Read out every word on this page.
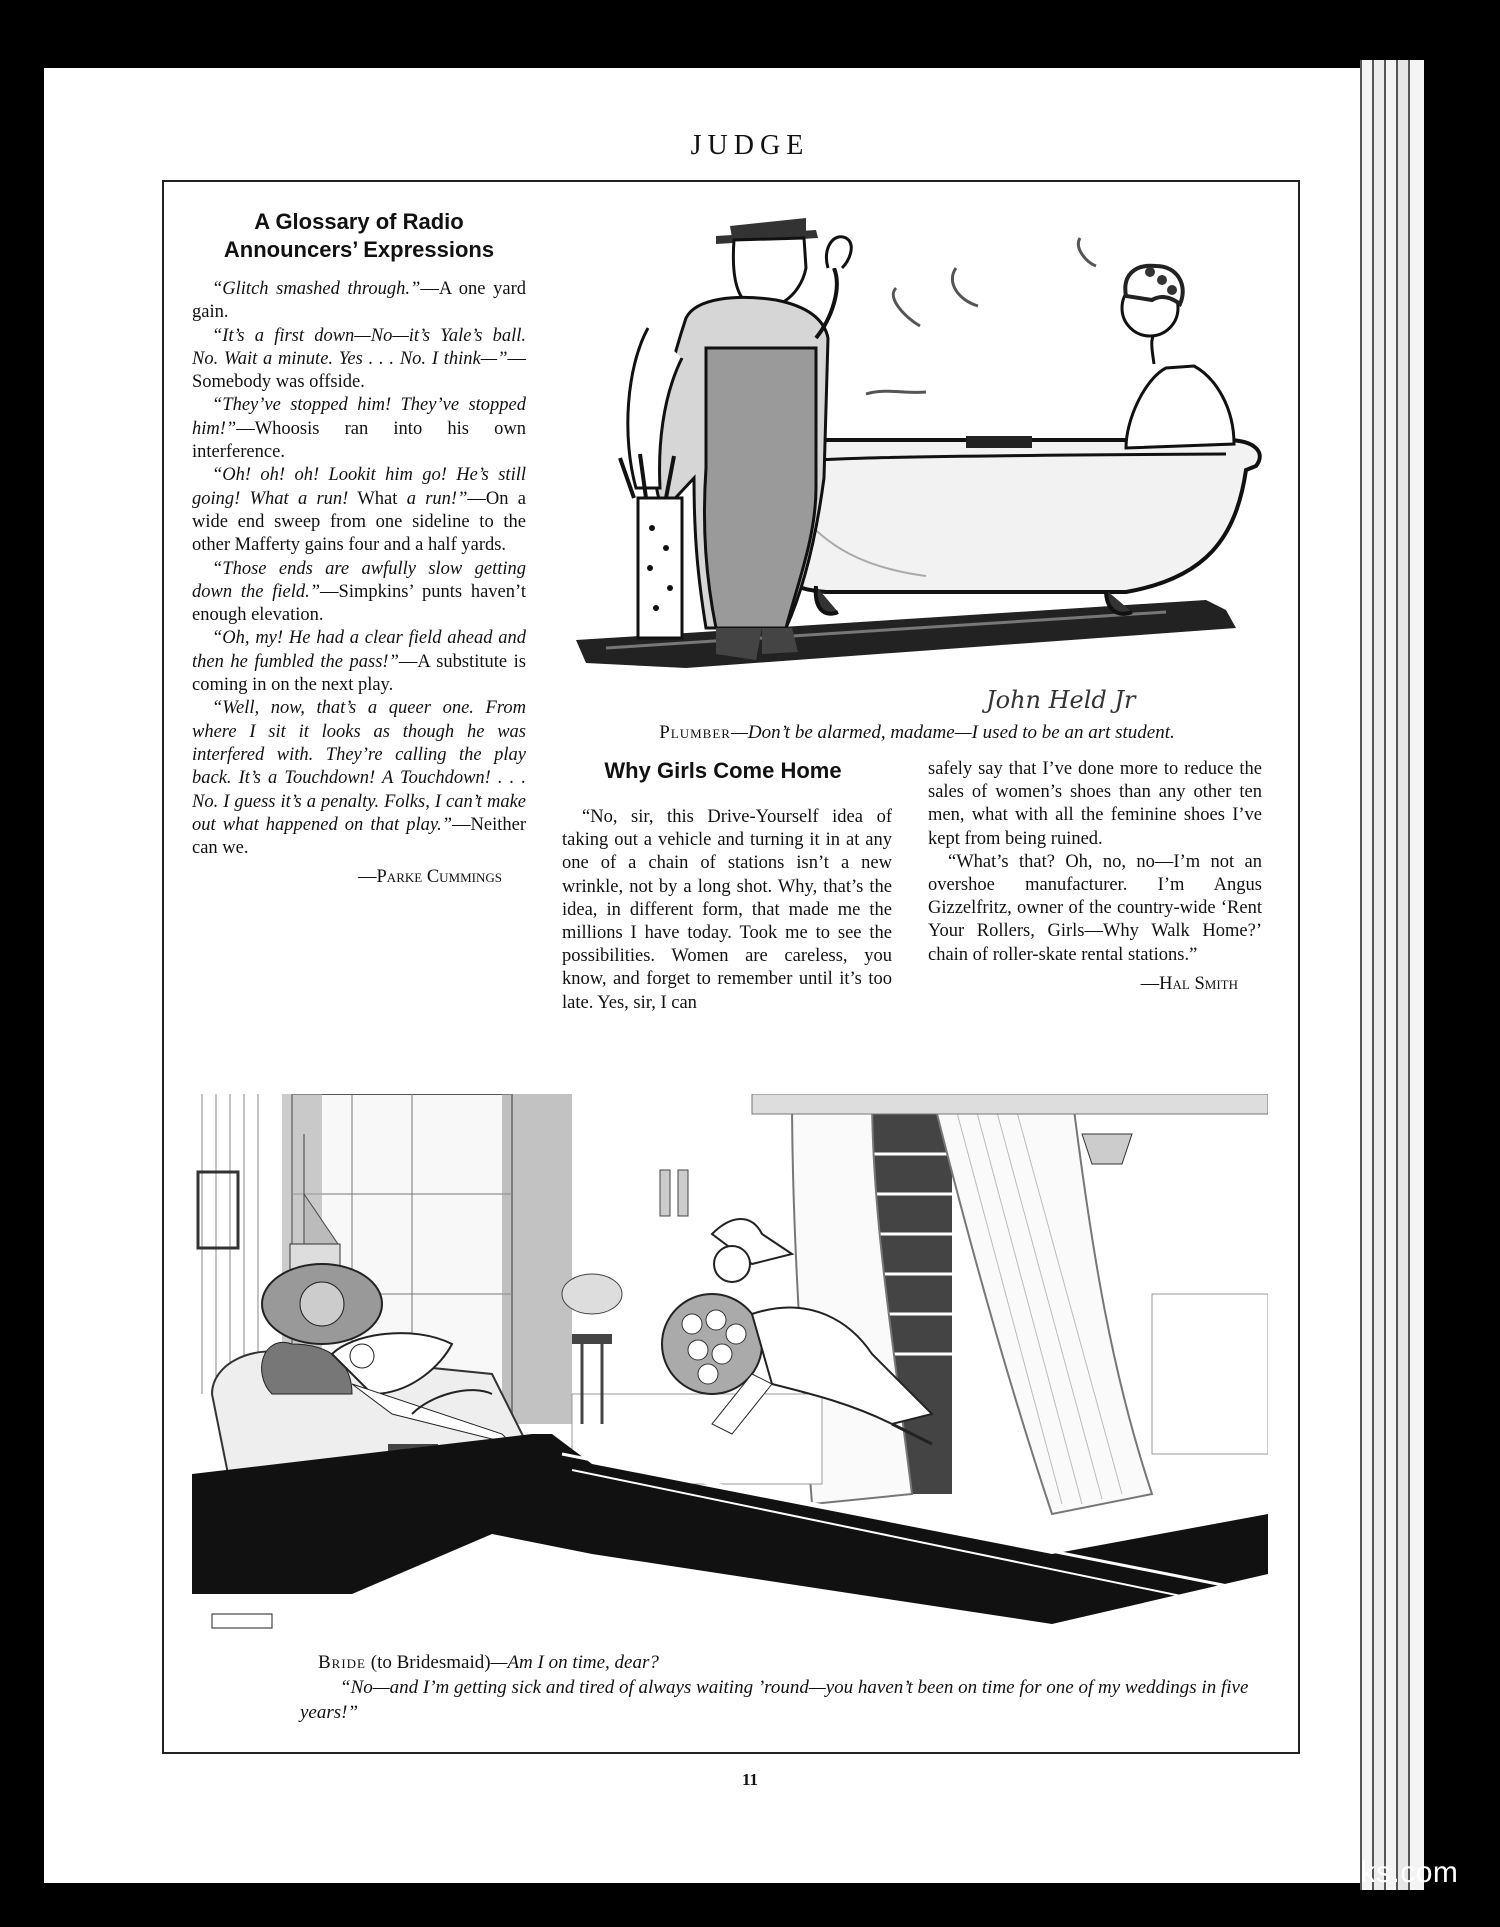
JUDGE
A Glossary of Radio
Announcers’ Expressions

“Glitch smashed through.”—A one yard gain.

“It’s a first down—No—it’s Yale’s ball. No. Wait a minute. Yes . . . No. I think—”—Somebody was offside.

“They’ve stopped him! They’ve stopped him!”—Whoosis ran into his own interference.

“Oh! oh! oh! Lookit him go! He’s still going! What a run! What a run!”—On a wide end sweep from one sideline to the other Mafferty gains four and a half yards.

“Those ends are awfully slow getting down the field.”—Simpkins’ punts haven’t enough elevation.

“Oh, my! He had a clear field ahead and then he fumbled the pass!”—A substitute is coming in on the next play.

“Well, now, that’s a queer one. From where I sit it looks as though he was interfered with. They’re calling the play back. It’s a Touchdown! A Touchdown! . . . No. I guess it’s a penalty. Folks, I can’t make out what happened on that play.”—Neither can we.

—Parke Cummings
John Held Jr
Plumber—Don’t be alarmed, madame—I used to be an art student.
Why Girls Come Home

“No, sir, this Drive-Yourself idea of taking out a vehicle and turning it in at any one of a chain of stations isn’t a new wrinkle, not by a long shot. Why, that’s the idea, in different form, that made me the millions I have today. Took me to see the possibilities. Women are careless, you know, and forget to remember until it’s too late. Yes, sir, I can

safely say that I’ve done more to reduce the sales of women’s shoes than any other ten men, what with all the feminine shoes I’ve kept from being ruined.

“What’s that? Oh, no, no—I’m not an overshoe manufacturer. I’m Angus Gizzelfritz, owner of the country-wide ‘Rent Your Rollers, Girls—Why Walk Home?’ chain of roller-skate rental stations.”

—Hal Smith
Bride (to Bridesmaid)—Am I on time, dear?
“No—and I’m getting sick and tired of always waiting ’round—you haven’t been on time for one of my weddings in five years!”
11
comicbooks.com
